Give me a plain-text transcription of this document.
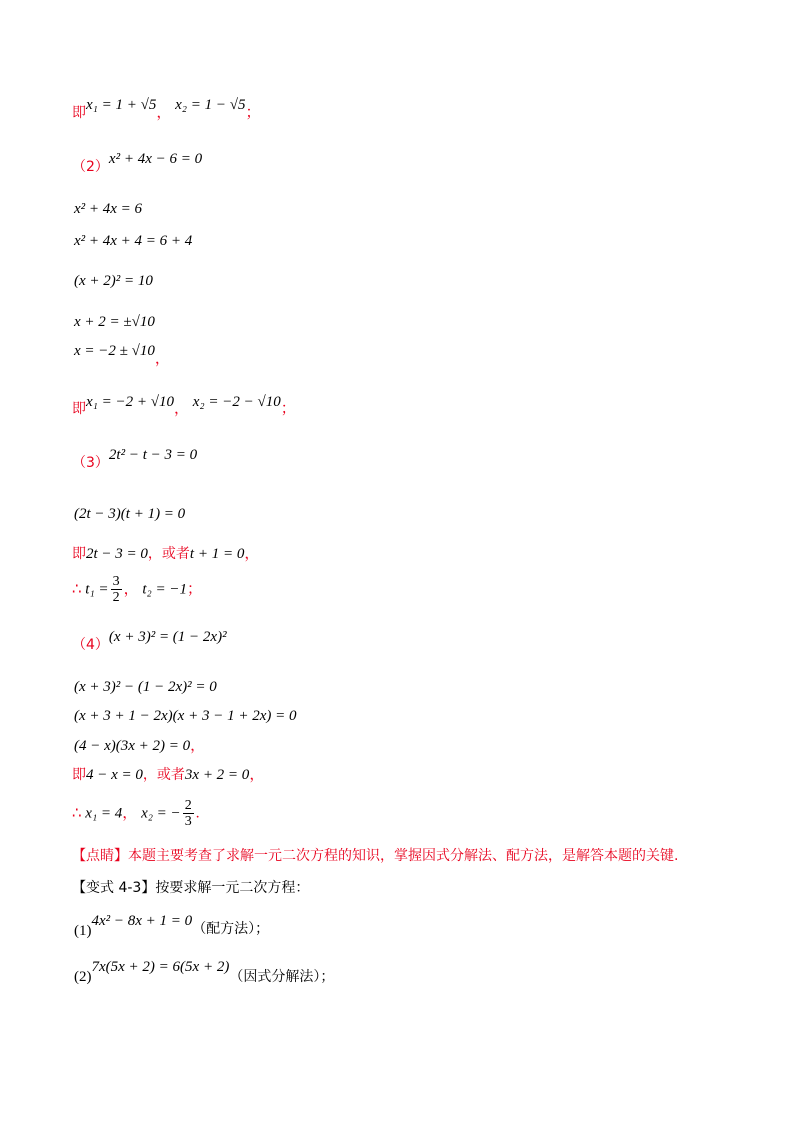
即x₁ = 1 + √5， x₂ = 1 − √5；
（2）x² + 4x − 6 = 0
x² + 4x = 6
x² + 4x + 4 = 6 + 4
(x + 2)² = 10
x + 2 = ±√10
x = −2 ± √10，
即x₁ = −2 + √10， x₂ = −2 − √10；
（3）2t² − t − 3 = 0
(2t − 3)(t + 1) = 0
即2t − 3 = 0，或者t + 1 = 0，
∴ $t_1 = \frac{3}{2}$ ， t₂ = −1；
（4）(x + 3)² = (1 − 2x)²
(x + 3)² − (1 − 2x)² = 0
(x + 3 + 1 − 2x)(x + 3 − 1 + 2x) = 0
(4 − x)(3x + 2) = 0，
即4 − x = 0，或者3x + 2 = 0，
∴ x₁ = 4， x₂ = − $\frac{2}{3}$ .
【点睛】本题主要考查了求解一元二次方程的知识，掌握因式分解法、配方法，是解答本题的关键.
【变式 4-3】按要求解一元二次方程：
(1)4x² − 8x + 1 = 0（配方法）；
(2)7x(5x + 2) = 6(5x + 2)（因式分解法）；
